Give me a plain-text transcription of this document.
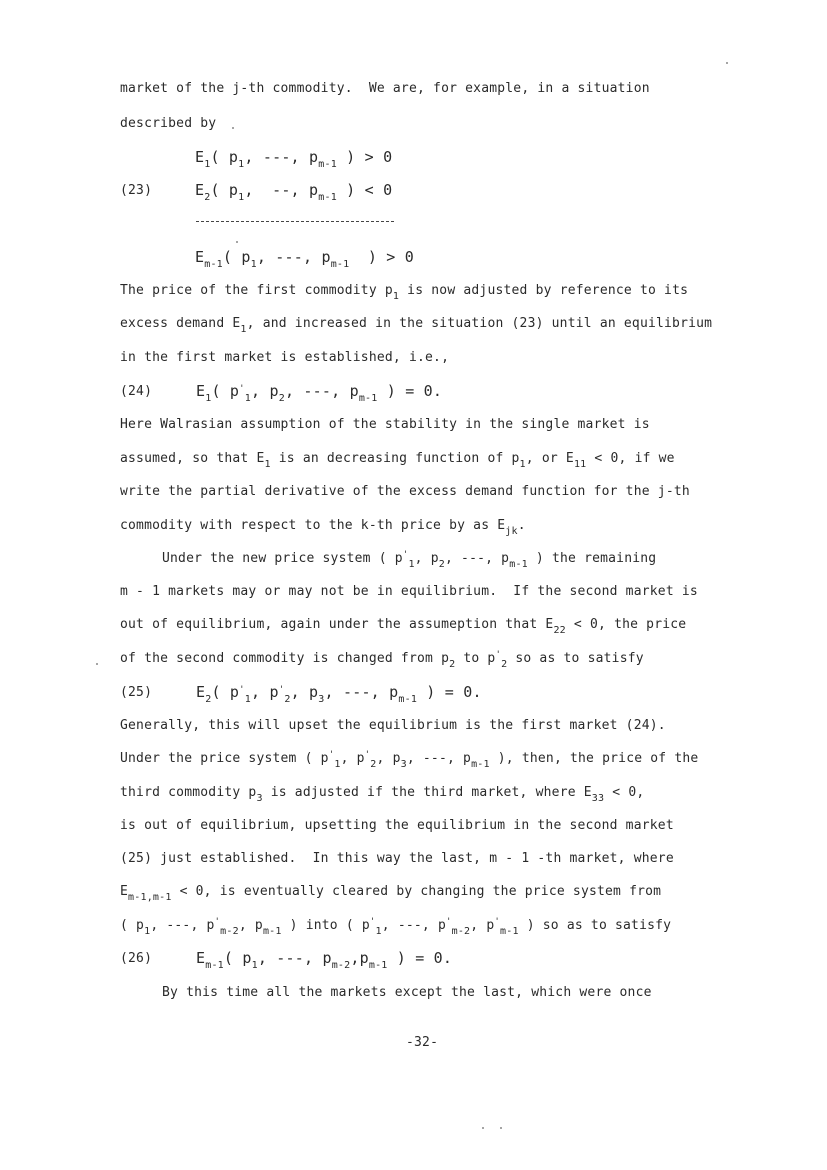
market of the j-th commodity.  We are, for example, in a situation
described by
$E_1$( $p_1$, ---, $p_{m-1}$ ) > 0
(23)	$E_2$( $p_1$,  --, $p_{m-1}$ ) < 0
$E_{m-1}$( $p_1$, ---, $p_{m-1}$  ) > 0
The price of the first commodity $p_1$ is now adjusted by reference to its
excess demand $E_1$, and increased in the situation (23) until an equilibrium
in the first market is established, i.e.,
(24)	$E_1$( $p'_1$, $p_2$, ---, $p_{m-1}$ ) = 0.
Here Walrasian assumption of the stability in the single market is
assumed, so that $E_1$ is an decreasing function of $p_1$, or $E_{11} < 0$, if we
write the partial derivative of the excess demand function for the j-th
commodity with respect to the k-th price by as $E_{jk}$.
Under the new price system ( $p'_1$, $p_2$, ---, $p_{m-1}$ ) the remaining
m - 1 markets may or may not be in equilibrium.  If the second market is
out of equilibrium, again under the assumeption that $E_{22} < 0$, the price
of the second commodity is changed from $p_2$ to $p'_2$ so as to satisfy
(25)	$E_2$( $p'_1$, $p'_2$, $p_3$, ---, $p_{m-1}$ ) = 0.
Generally, this will upset the equilibrium is the first market (24).
Under the price system ( $p'_1$, $p'_2$, $p_3$, ---, $p_{m-1}$ ), then, the price of the
third commodity $p_3$ is adjusted if the third market, where $E_{33} < 0$,
is out of equilibrium, upsetting the equilibrium in the second market
(25) just established.  In this way the last, m - 1 -th market, where
$E_{m-1,m-1} < 0$, is eventually cleared by changing the price system from
( $p_1$, ---, $p'_{m-2}$, $p_{m-1}$ ) into ( $p'_1$, ---, $p'_{m-2}$, $p'_{m-1}$ ) so as to satisfy
(26)	$E_{m-1}$( $p_1$, ---, $p_{m-2},p_{m-1}$ ) = 0.
By this time all the markets except the last, which were once
-32-
